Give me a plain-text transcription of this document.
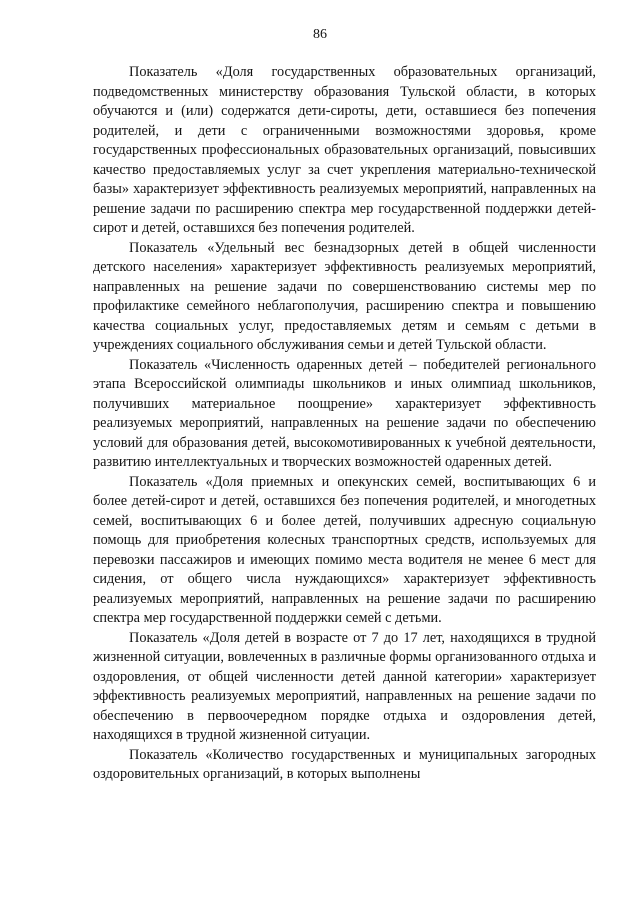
86

Показатель «Доля государственных образовательных организаций, подведомственных министерству образования Тульской области, в которых обучаются и (или) содержатся дети-сироты, дети, оставшиеся без попечения родителей, и дети с ограниченными возможностями здоровья, кроме государственных профессиональных образовательных организаций, повысивших качество предоставляемых услуг за счет укрепления материально-технической базы» характеризует эффективность реализуемых мероприятий, направленных на решение задачи по расширению спектра мер государственной поддержки детей-сирот и детей, оставшихся без попечения родителей.

Показатель «Удельный вес безнадзорных детей в общей численности детского населения» характеризует эффективность реализуемых мероприятий, направленных на решение задачи по совершенствованию системы мер по профилактике семейного неблагополучия, расширению спектра и повышению качества социальных услуг, предоставляемых детям и семьям с детьми в учреждениях социального обслуживания семьи и детей Тульской области.

Показатель «Численность одаренных детей – победителей регионального этапа Всероссийской олимпиады школьников и иных олимпиад школьников, получивших материальное поощрение» характеризует эффективность реализуемых мероприятий, направленных на решение задачи по обеспечению условий для образования детей, высокомотивированных к учебной деятельности, развитию интеллектуальных и творческих возможностей одаренных детей.

Показатель «Доля приемных и опекунских семей, воспитывающих 6 и более детей-сирот и детей, оставшихся без попечения родителей, и многодетных семей, воспитывающих 6 и более детей, получивших адресную социальную помощь для приобретения колесных транспортных средств, используемых для перевозки пассажиров и имеющих помимо места водителя не менее 6 мест для сидения, от общего числа нуждающихся» характеризует эффективность реализуемых мероприятий, направленных на решение задачи по расширению спектра мер государственной поддержки семей с детьми.

Показатель «Доля детей в возрасте от 7 до 17 лет, находящихся в трудной жизненной ситуации, вовлеченных в различные формы организованного отдыха и оздоровления, от общей численности детей данной категории» характеризует эффективность реализуемых мероприятий, направленных на решение задачи по обеспечению в первоочередном порядке отдыха и оздоровления детей, находящихся в трудной жизненной ситуации.

Показатель «Количество государственных и муниципальных загородных оздоровительных организаций, в которых выполнены
